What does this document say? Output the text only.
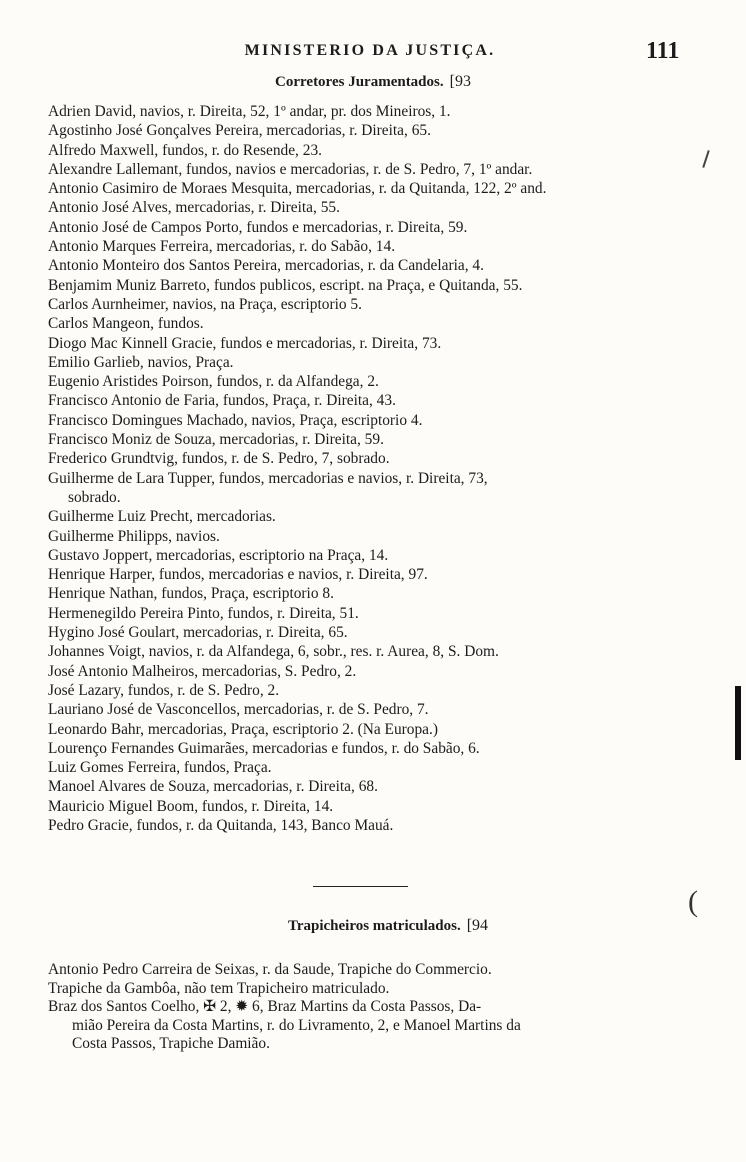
MINISTERIO DA JUSTIÇA.	111
Corretores Juramentados. [93
Adrien David, navios, r. Direita, 52, 1º andar, pr. dos Mineiros, 1.
Agostinho José Gonçalves Pereira, mercadorias, r. Direita, 65.
Alfredo Maxwell, fundos, r. do Resende, 23.
Alexandre Lallemant, fundos, navios e mercadorias, r. de S. Pedro, 7, 1º andar.
Antonio Casimiro de Moraes Mesquita, mercadorias, r. da Quitanda, 122, 2º and.
Antonio José Alves, mercadorias, r. Direita, 55.
Antonio José de Campos Porto, fundos e mercadorias, r. Direita, 59.
Antonio Marques Ferreira, mercadorias, r. do Sabão, 14.
Antonio Monteiro dos Santos Pereira, mercadorias, r. da Candelaria, 4.
Benjamim Muniz Barreto, fundos publicos, escript. na Praça, e Quitanda, 55.
Carlos Aurnheimer, navios, na Praça, escriptorio 5.
Carlos Mangeon, fundos.
Diogo Mac Kinnell Gracie, fundos e mercadorias, r. Direita, 73.
Emilio Garlieb, navios, Praça.
Eugenio Aristides Poirson, fundos, r. da Alfandega, 2.
Francisco Antonio de Faria, fundos, Praça, r. Direita, 43.
Francisco Domingues Machado, navios, Praça, escriptorio 4.
Francisco Moniz de Souza, mercadorias, r. Direita, 59.
Frederico Grundtvig, fundos, r. de S. Pedro, 7, sobrado.
Guilherme de Lara Tupper, fundos, mercadorias e navios, r. Direita, 73,
sobrado.
Guilherme Luiz Precht, mercadorias.
Guilherme Philipps, navios.
Gustavo Joppert, mercadorias, escriptorio na Praça, 14.
Henrique Harper, fundos, mercadorias e navios, r. Direita, 97.
Henrique Nathan, fundos, Praça, escriptorio 8.
Hermenegildo Pereira Pinto, fundos, r. Direita, 51.
Hygino José Goulart, mercadorias, r. Direita, 65.
Johannes Voigt, navios, r. da Alfandega, 6, sobr., res. r. Aurea, 8, S. Dom.
José Antonio Malheiros, mercadorias, S. Pedro, 2.
José Lazary, fundos, r. de S. Pedro, 2.
Lauriano José de Vasconcellos, mercadorias, r. de S. Pedro, 7.
Leonardo Bahr, mercadorias, Praça, escriptorio 2. (Na Europa.)
Lourenço Fernandes Guimarães, mercadorias e fundos, r. do Sabão, 6.
Luiz Gomes Ferreira, fundos, Praça.
Manoel Alvares de Souza, mercadorias, r. Direita, 68.
Mauricio Miguel Boom, fundos, r. Direita, 14.
Pedro Gracie, fundos, r. da Quitanda, 143, Banco Mauá.
Trapicheiros matriculados. [94
Antonio Pedro Carreira de Seixas, r. da Saude, Trapiche do Commercio.
Trapiche da Gambôa, não tem Trapicheiro matriculado.
Braz dos Santos Coelho, ✠ 2, ✹ 6, Braz Martins da Costa Passos, Da-
mião Pereira da Costa Martins, r. do Livramento, 2, e Manoel Martins da
Costa Passos, Trapiche Damião.
(
